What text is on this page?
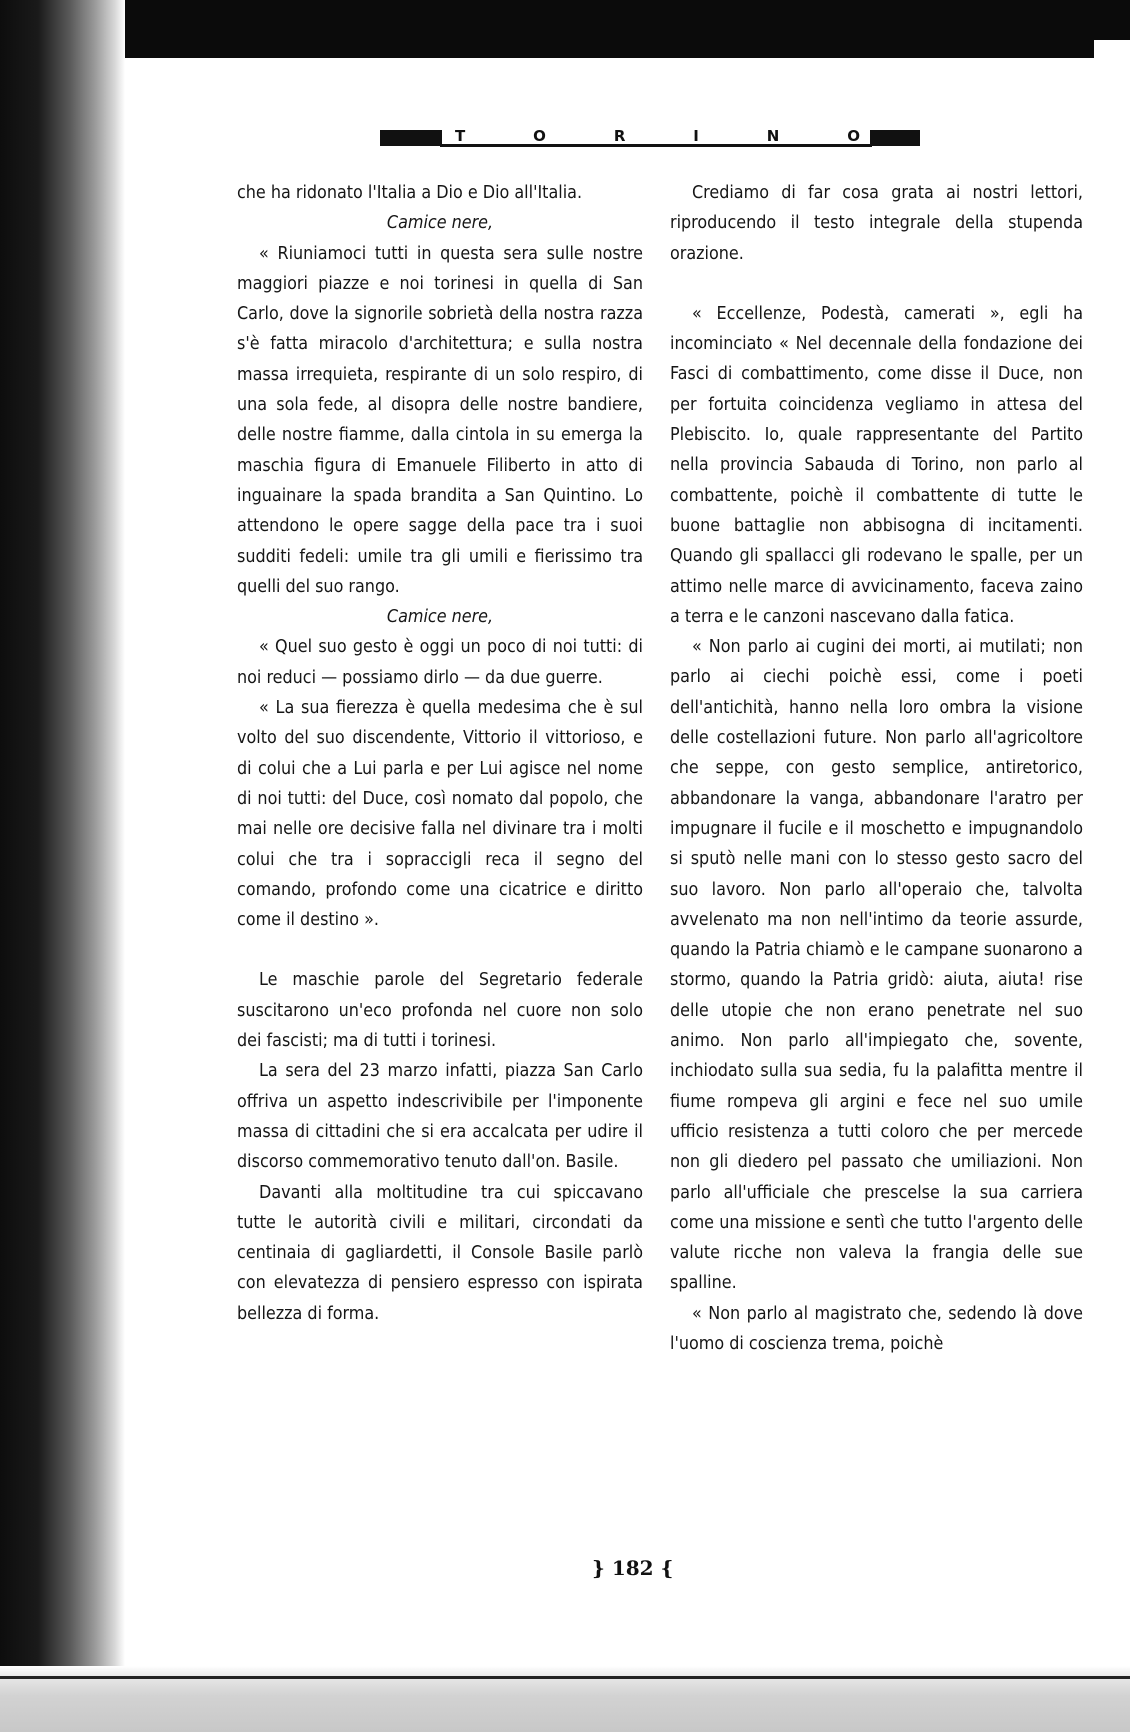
T O R I N O

che ha ridonato l'Italia a Dio e Dio all'Italia.

Camice nere,

« Riuniamoci tutti in questa sera sulle nostre maggiori piazze e noi torinesi in quella di San Carlo, dove la signorile sobrietà della nostra razza s'è fatta miracolo d'architettura; e sulla nostra massa irrequieta, respirante di un solo respiro, di una sola fede, al disopra delle nostre bandiere, delle nostre fiamme, dalla cintola in su emerga la maschia figura di Emanuele Filiberto in atto di inguainare la spada brandita a San Quintino. Lo attendono le opere sagge della pace tra i suoi sudditi fedeli: umile tra gli umili e fierissimo tra quelli del suo rango.

Camice nere,

« Quel suo gesto è oggi un poco di noi tutti: di noi reduci — possiamo dirlo — da due guerre.

« La sua fierezza è quella medesima che è sul volto del suo discendente, Vittorio il vittorioso, e di colui che a Lui parla e per Lui agisce nel nome di noi tutti: del Duce, così nomato dal popolo, che mai nelle ore decisive falla nel divinare tra i molti colui che tra i sopraccigli reca il segno del comando, profondo come una cicatrice e diritto come il destino ».

Le maschie parole del Segretario federale suscitarono un'eco profonda nel cuore non solo dei fascisti; ma di tutti i torinesi.

La sera del 23 marzo infatti, piazza San Carlo offriva un aspetto indescrivibile per l'imponente massa di cittadini che si era accalcata per udire il discorso commemorativo tenuto dall'on. Basile.

Davanti alla moltitudine tra cui spiccavano tutte le autorità civili e militari, circondati da centinaia di gagliardetti, il Console Basile parlò con elevatezza di pensiero espresso con ispirata bellezza di forma.

Crediamo di far cosa grata ai nostri lettori, riproducendo il testo integrale della stupenda orazione.

« Eccellenze, Podestà, camerati », egli ha incominciato « Nel decennale della fondazione dei Fasci di combattimento, come disse il Duce, non per fortuita coincidenza vegliamo in attesa del Plebiscito. Io, quale rappresentante del Partito nella provincia Sabauda di Torino, non parlo al combattente, poichè il combattente di tutte le buone battaglie non abbisogna di incitamenti. Quando gli spallacci gli rodevano le spalle, per un attimo nelle marce di avvicinamento, faceva zaino a terra e le canzoni nascevano dalla fatica.

« Non parlo ai cugini dei morti, ai mutilati; non parlo ai ciechi poichè essi, come i poeti dell'antichità, hanno nella loro ombra la visione delle costellazioni future. Non parlo all'agricoltore che seppe, con gesto semplice, antiretorico, abbandonare la vanga, abbandonare l'aratro per impugnare il fucile e il moschetto e impugnandolo si sputò nelle mani con lo stesso gesto sacro del suo lavoro. Non parlo all'operaio che, talvolta avvelenato ma non nell'intimo da teorie assurde, quando la Patria chiamò e le campane suonarono a stormo, quando la Patria gridò: aiuta, aiuta! rise delle utopie che non erano penetrate nel suo animo. Non parlo all'impiegato che, sovente, inchiodato sulla sua sedia, fu la palafitta mentre il fiume rompeva gli argini e fece nel suo umile ufficio resistenza a tutti coloro che per mercede non gli diedero pel passato che umiliazioni. Non parlo all'ufficiale che prescelse la sua carriera come una missione e sentì che tutto l'argento delle valute ricche non valeva la frangia delle sue spalline.

« Non parlo al magistrato che, sedendo là dove l'uomo di coscienza trema, poichè

} 182 {
